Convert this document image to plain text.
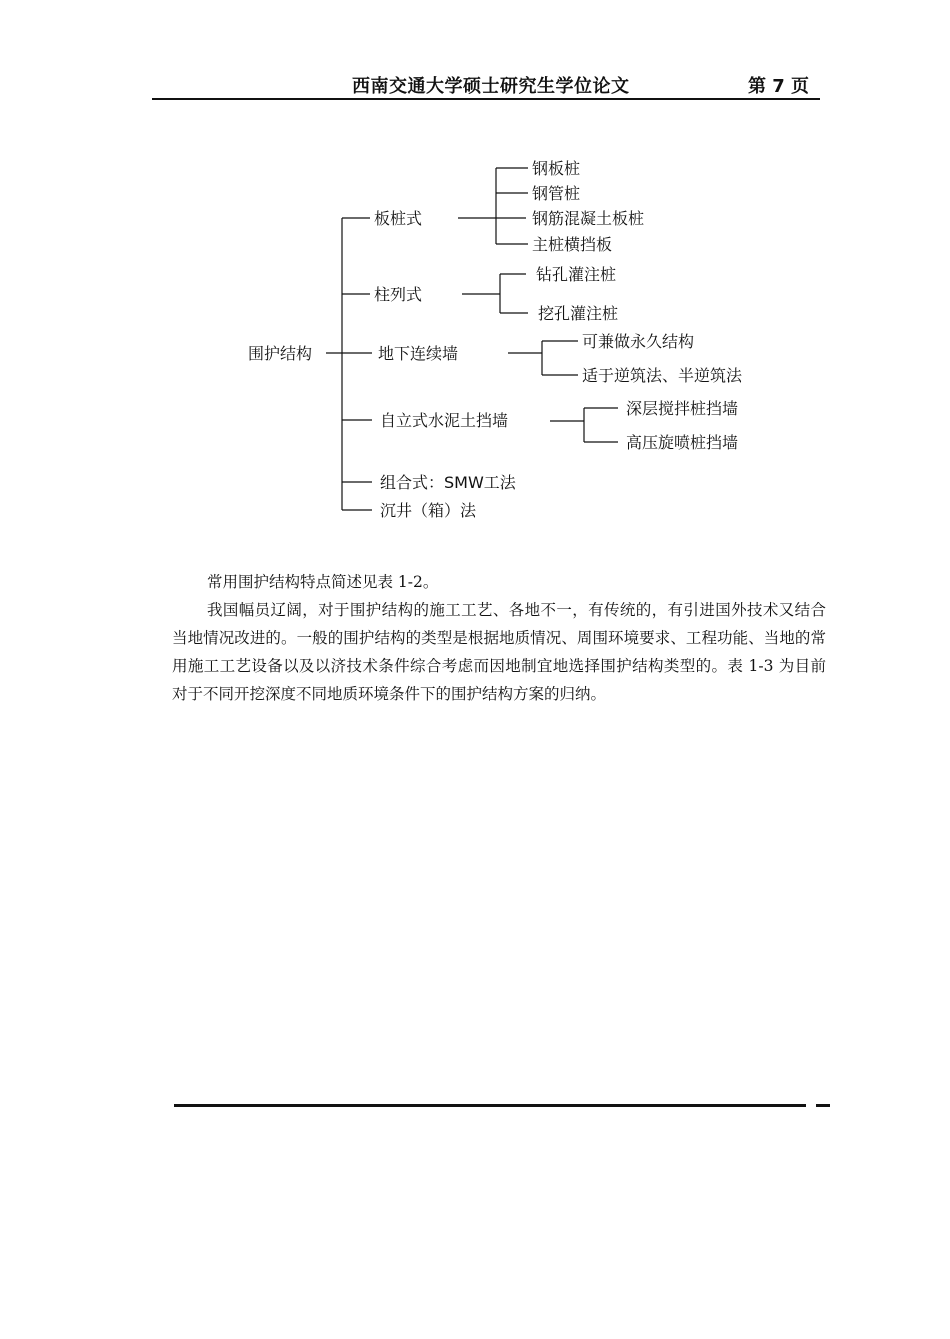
西南交通大学硕士研究生学位论文	第 7 页
围护结构
板桩式
柱列式
地下连续墙
自立式水泥土挡墙
组合式：SMW工法
沉井（箱）法
钢板桩
钢管桩
钢筋混凝土板桩
主桩横挡板
钻孔灌注桩
挖孔灌注桩
可兼做永久结构
适于逆筑法、半逆筑法
深层搅拌桩挡墙
高压旋喷桩挡墙
常用围护结构特点简述见表 1-2。
我国幅员辽阔，对于围护结构的施工工艺、各地不一，有传统的，有引进国外技术又结合当地情况改进的。一般的围护结构的类型是根据地质情况、周围环境要求、工程功能、当地的常用施工工艺设备以及以济技术条件综合考虑而因地制宜地选择围护结构类型的。表 1-3 为目前对于不同开挖深度不同地质环境条件下的围护结构方案的归纳。
